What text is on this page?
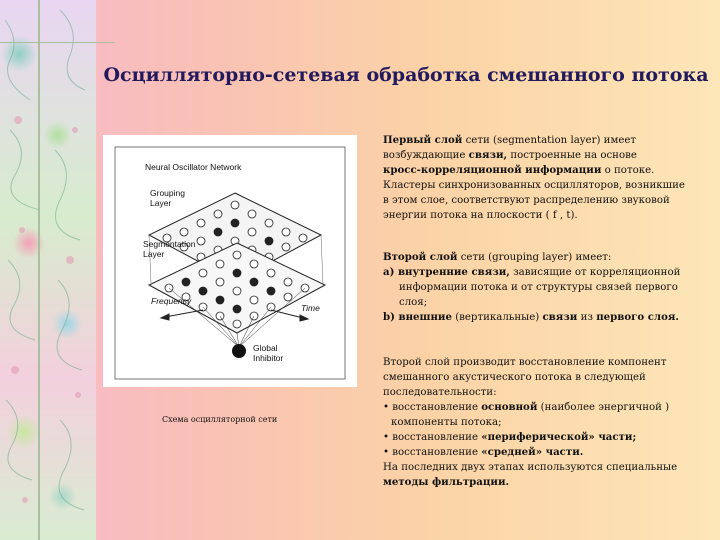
Осцилляторно-сетевая обработка смешанного потока
Neural Oscillator Network
Grouping
Layer
Segmentation
Layer
Frequency
Time
Global
Inhibitor
Схема осцилляторной сети

Первый слой сети (segmentation layer) имеет

возбуждающие связи, построенные на основе

кросс-корреляционной информации о потоке.

Кластеры синхронизованных осцилляторов, возникшие

в этом слое, соответствуют распределению звуковой

энергии потока на плоскости ( f , t).

Второй слой сети (grouping layer) имеет:

a) внутренние связи, зависящие от корреляционной

информации потока и от структуры связей первого

слоя;

b) внешние (вертикальные) связи из первого слоя.

Второй слой производит восстановление компонент

смешанного акустического потока в следующей

последовательности:

• восстановление основной (наиболее энергичной )

компоненты потока;

• восстановление «периферической» части;

• восстановление «средней» части.

На последних двух этапах используются специальные

методы фильтрации.
